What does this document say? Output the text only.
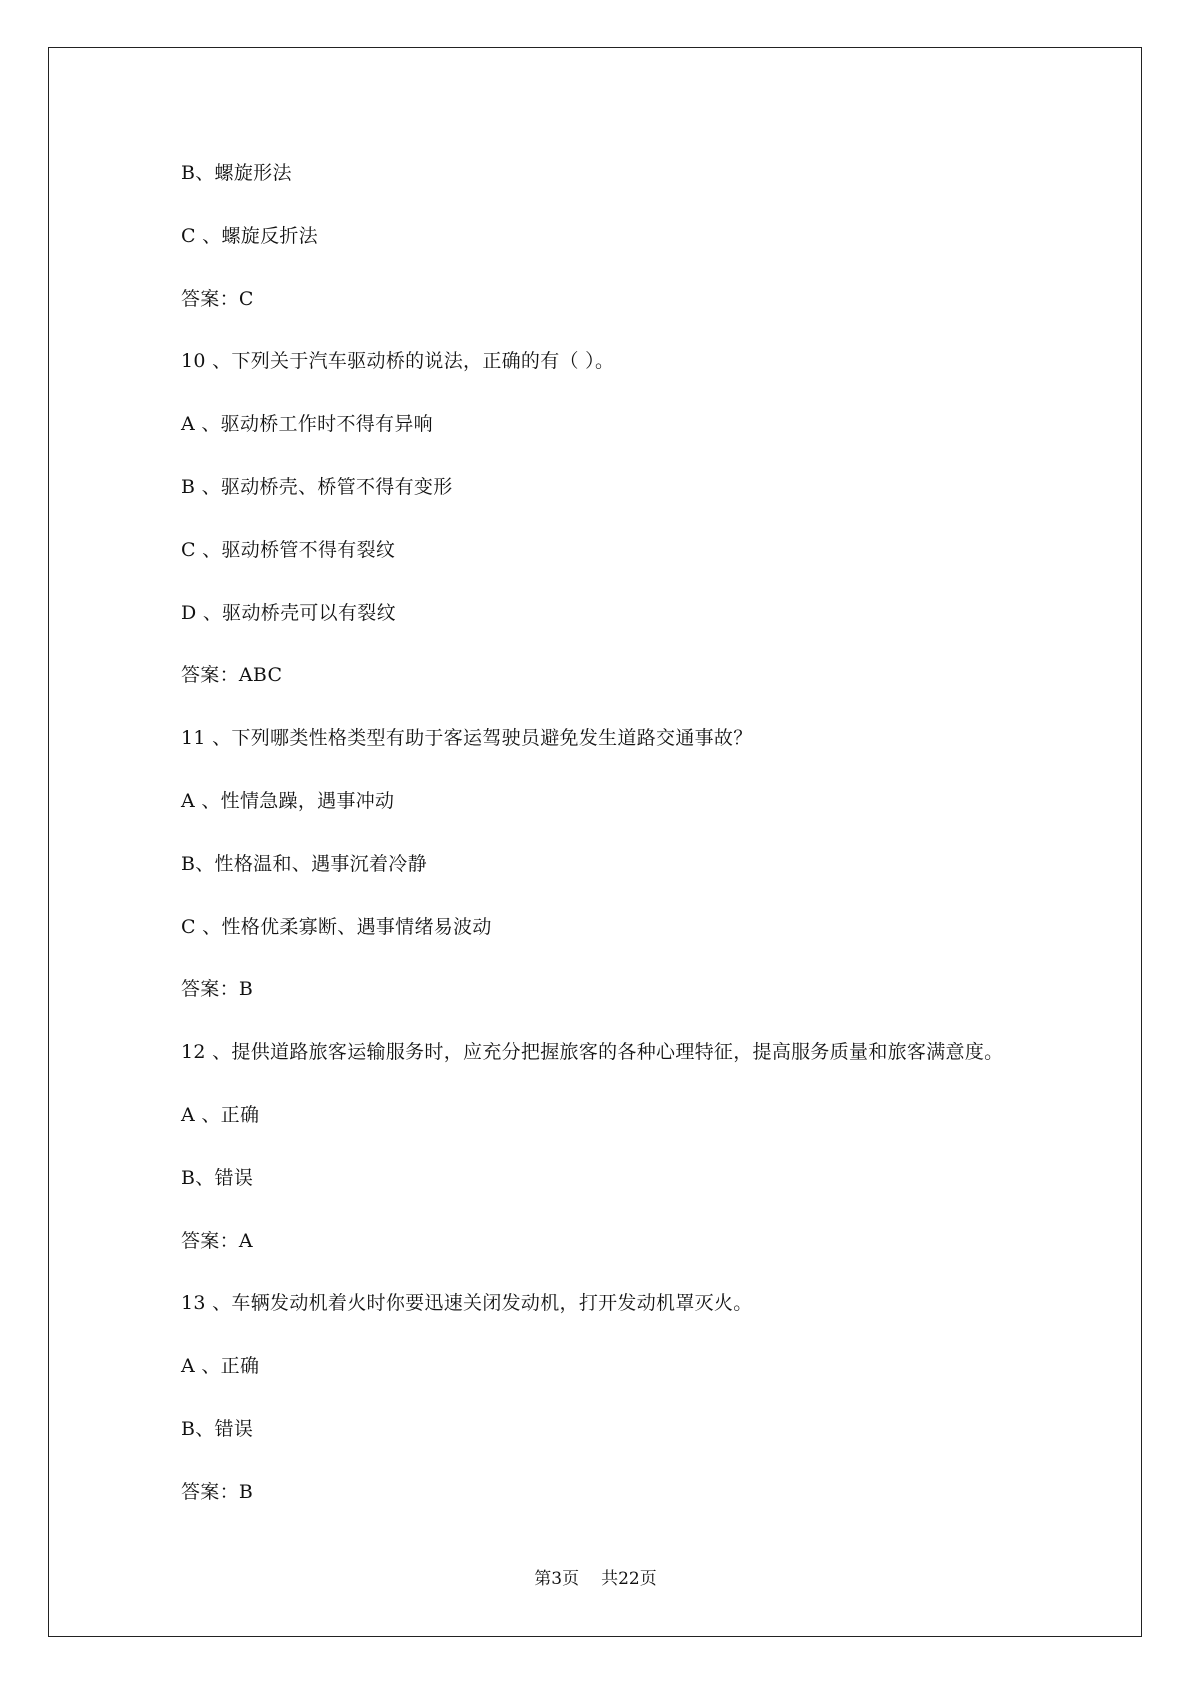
B、螺旋形法
C 、螺旋反折法
答案：C
10 、下列关于汽车驱动桥的说法，正确的有（ ）。
A 、驱动桥工作时不得有异响
B 、驱动桥壳、桥管不得有变形
C 、驱动桥管不得有裂纹
D 、驱动桥壳可以有裂纹
答案：ABC
11 、下列哪类性格类型有助于客运驾驶员避免发生道路交通事故？
A 、性情急躁，遇事冲动
B、性格温和、遇事沉着冷静
C 、性格优柔寡断、遇事情绪易波动
答案：B
12 、提供道路旅客运输服务时，应充分把握旅客的各种心理特征，提高服务质量和旅客满意度。
A 、正确
B、错误
答案：A
13 、车辆发动机着火时你要迅速关闭发动机，打开发动机罩灭火。
A 、正确
B、错误
答案：B
第3页 共22页
